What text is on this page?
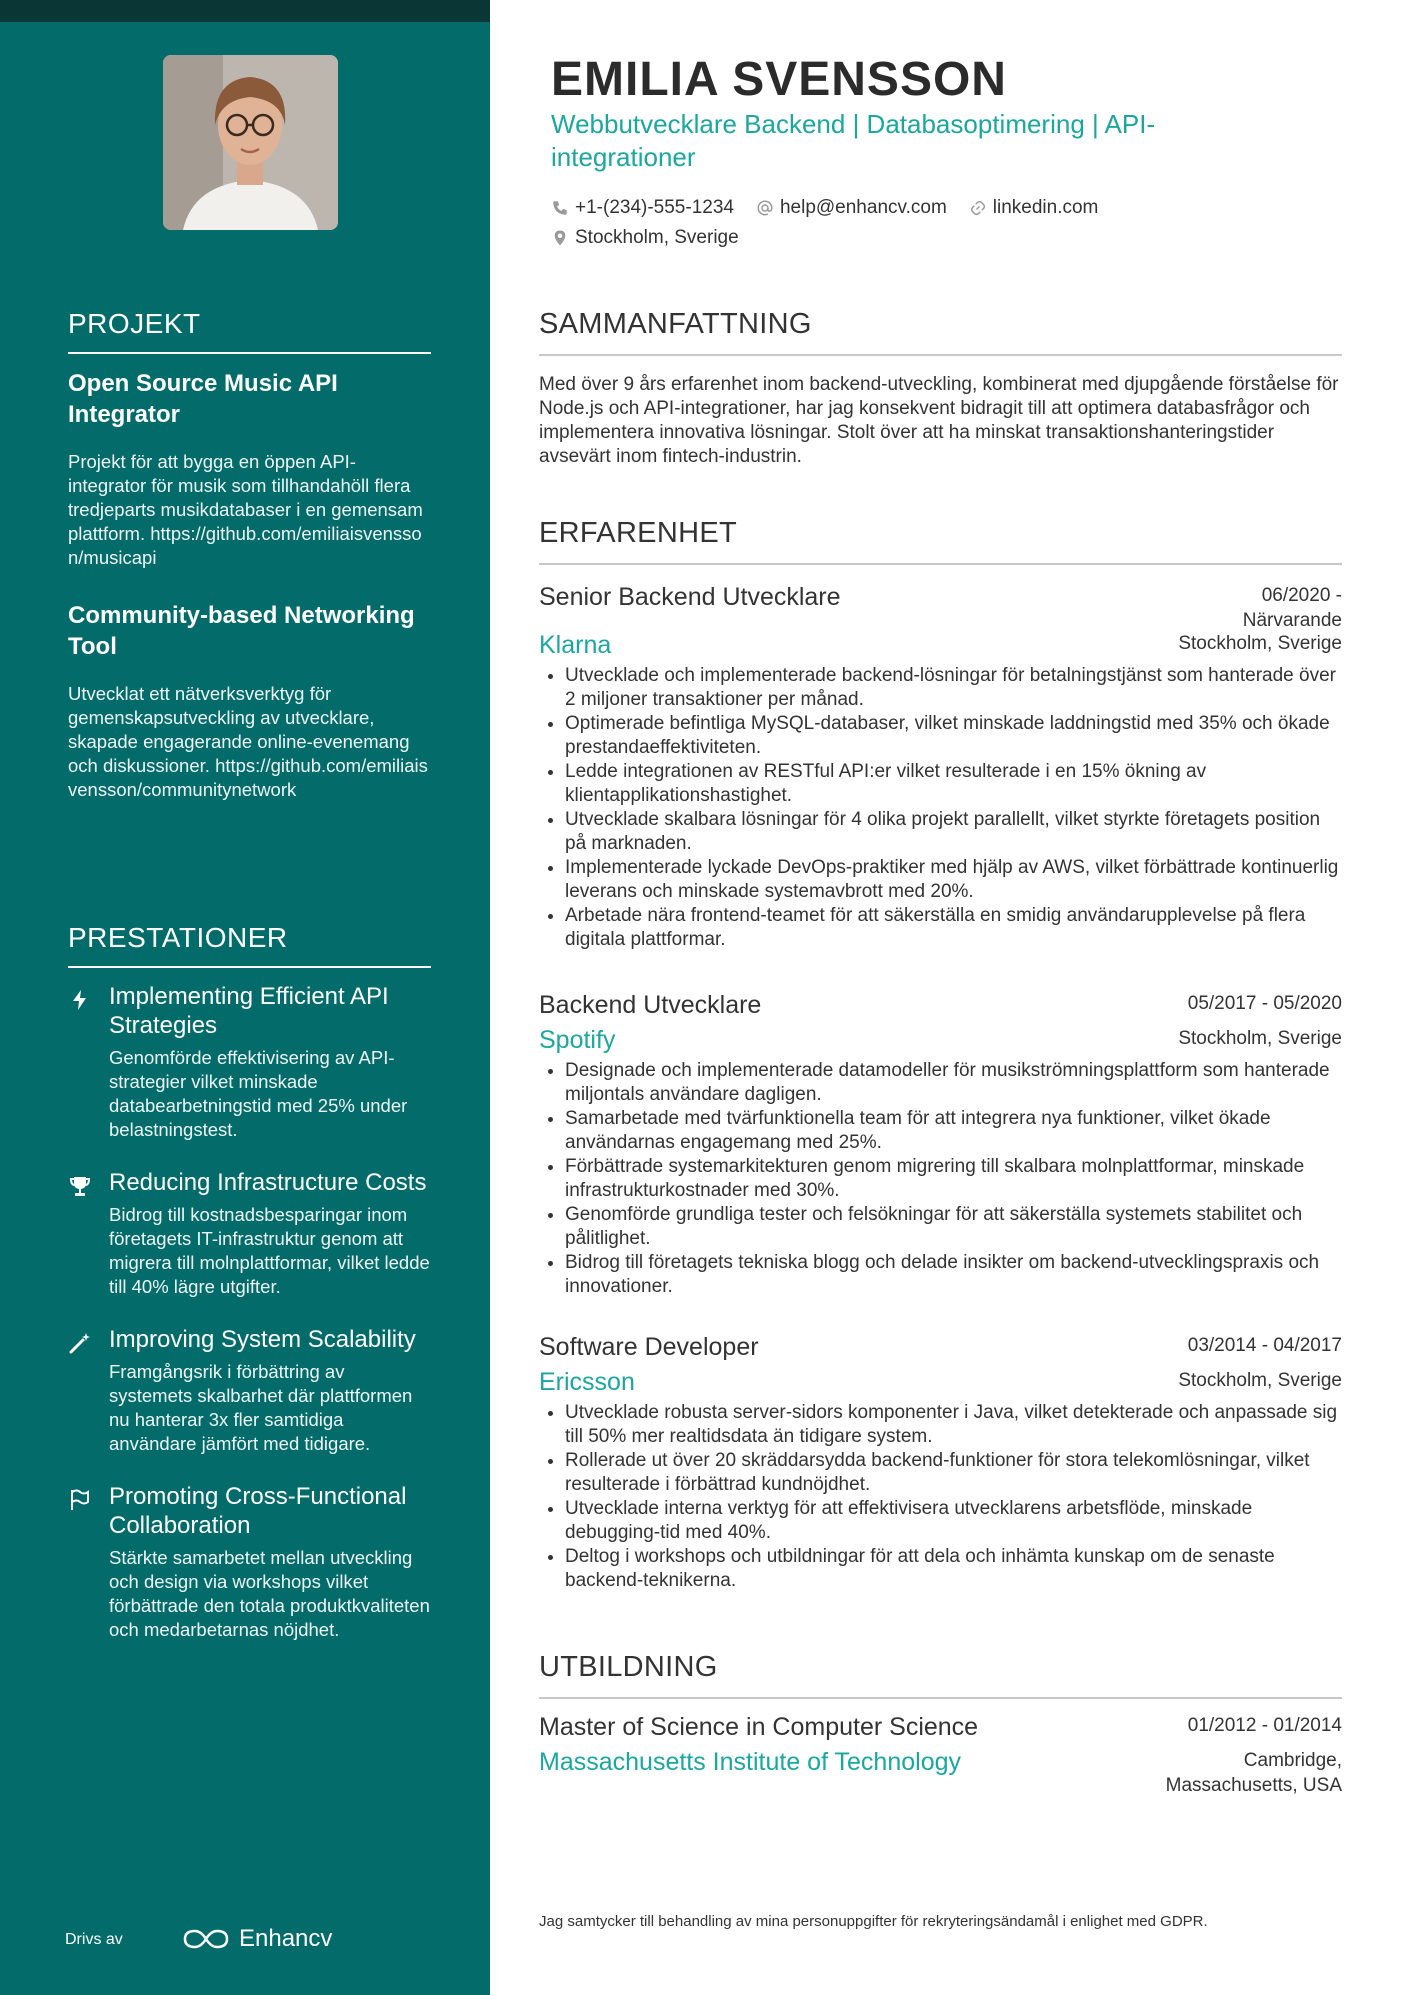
PROJEKT
Open Source Music API Integrator
Projekt för att bygga en öppen API-integrator för musik som tillhandahöll flera tredjeparts musikdatabaser i en gemensam plattform. https://github.com/emiliaisvensson/musicapi
Community-based Networking Tool
Utvecklat ett nätverksverktyg för gemenskapsutveckling av utvecklare, skapade engagerande online-evenemang och diskussioner. https://github.com/emiliaisvensson/communitynetwork
PRESTATIONER
Implementing Efficient API Strategies
Genomförde effektivisering av API-strategier vilket minskade databearbetningstid med 25% under belastningstest.
Reducing Infrastructure Costs
Bidrog till kostnadsbesparingar inom företagets IT-infrastruktur genom att migrera till molnplattformar, vilket ledde till 40% lägre utgifter.
Improving System Scalability
Framgångsrik i förbättring av systemets skalbarhet där plattformen nu hanterar 3x fler samtidiga användare jämfört med tidigare.
Promoting Cross-Functional Collaboration
Stärkte samarbetet mellan utveckling och design via workshops vilket förbättrade den totala produktkvaliteten och medarbetarnas nöjdhet.
Drivs av	Enhancv
EMILIA SVENSSON
Webbutvecklare Backend | Databasoptimering | API-integrationer
+1-(234)-555-1234 help@enhancv.com linkedin.com
Stockholm, Sverige
SAMMANFATTNING
Med över 9 års erfarenhet inom backend-utveckling, kombinerat med djupgående förståelse för Node.js och API-integrationer, har jag konsekvent bidragit till att optimera databasfrågor och implementera innovativa lösningar. Stolt över att ha minskat transaktionshanteringstider avsevärt inom fintech-industrin.
ERFARENHET
Senior Backend Utvecklare	06/2020 - Närvarande
Klarna	Stockholm, Sverige
• Utvecklade och implementerade backend-lösningar för betalningstjänst som hanterade över 2 miljoner transaktioner per månad.
• Optimerade befintliga MySQL-databaser, vilket minskade laddningstid med 35% och ökade prestandaeffektiviteten.
• Ledde integrationen av RESTful API:er vilket resulterade i en 15% ökning av klientapplikationshastighet.
• Utvecklade skalbara lösningar för 4 olika projekt parallellt, vilket styrkte företagets position på marknaden.
• Implementerade lyckade DevOps-praktiker med hjälp av AWS, vilket förbättrade kontinuerlig leverans och minskade systemavbrott med 20%.
• Arbetade nära frontend-teamet för att säkerställa en smidig användarupplevelse på flera digitala plattformar.
Backend Utvecklare	05/2017 - 05/2020
Spotify	Stockholm, Sverige
• Designade och implementerade datamodeller för musikströmningsplattform som hanterade miljontals användare dagligen.
• Samarbetade med tvärfunktionella team för att integrera nya funktioner, vilket ökade användarnas engagemang med 25%.
• Förbättrade systemarkitekturen genom migrering till skalbara molnplattformar, minskade infrastrukturkostnader med 30%.
• Genomförde grundliga tester och felsökningar för att säkerställa systemets stabilitet och pålitlighet.
• Bidrog till företagets tekniska blogg och delade insikter om backend-utvecklingspraxis och innovationer.
Software Developer	03/2014 - 04/2017
Ericsson	Stockholm, Sverige
• Utvecklade robusta server-sidors komponenter i Java, vilket detekterade och anpassade sig till 50% mer realtidsdata än tidigare system.
• Rollerade ut över 20 skräddarsydda backend-funktioner för stora telekomlösningar, vilket resulterade i förbättrad kundnöjdhet.
• Utvecklade interna verktyg för att effektivisera utvecklarens arbetsflöde, minskade debugging-tid med 40%.
• Deltog i workshops och utbildningar för att dela och inhämta kunskap om de senaste backend-teknikerna.
UTBILDNING
Master of Science in Computer Science	01/2012 - 01/2014
Massachusetts Institute of Technology	Cambridge, Massachusetts, USA
Jag samtycker till behandling av mina personuppgifter för rekryteringsändamål i enlighet med GDPR.
